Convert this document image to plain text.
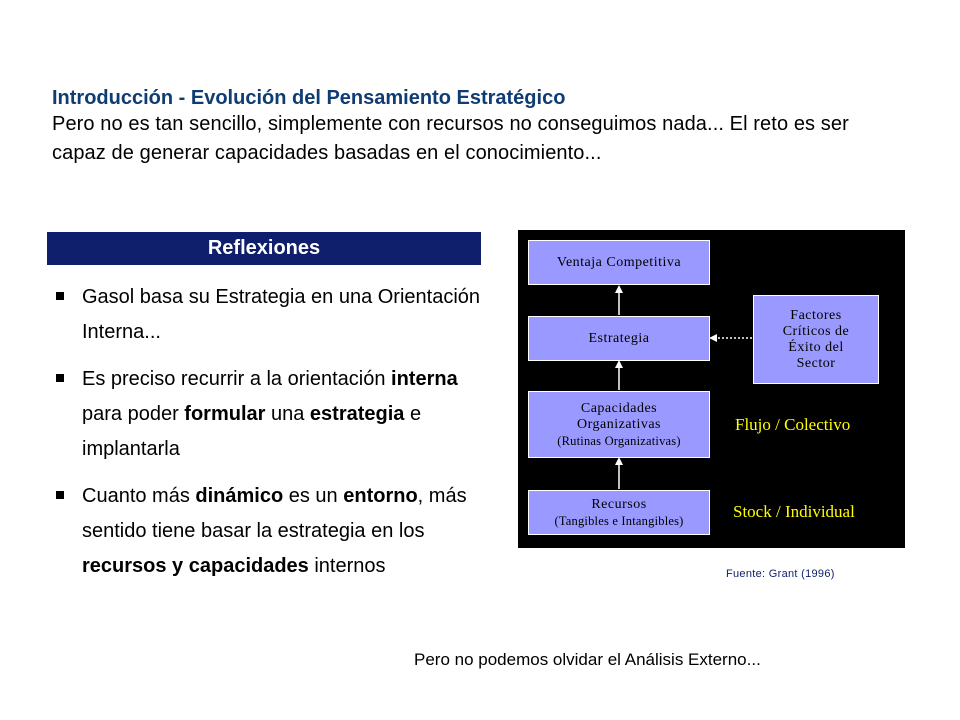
Introducción - Evolución del Pensamiento Estratégico
Pero no es tan sencillo, simplemente con recursos no conseguimos nada... El reto es ser capaz de generar capacidades basadas en el conocimiento...
Reflexiones
Gasol basa su Estrategia en una Orientación Interna...
Es preciso recurrir a la orientación interna para poder formular una estrategia e implantarla
Cuanto más dinámico es un entorno, más sentido tiene basar la estrategia en los recursos y capacidades internos
Ventaja Competitiva
Estrategia
Capacidades
Organizativas
(Rutinas Organizativas)
Recursos
(Tangibles e Intangibles)
Factores
Críticos de
Éxito del
Sector
Flujo / Colectivo
Stock / Individual
Fuente: Grant (1996)
Pero no podemos olvidar el Análisis Externo...
